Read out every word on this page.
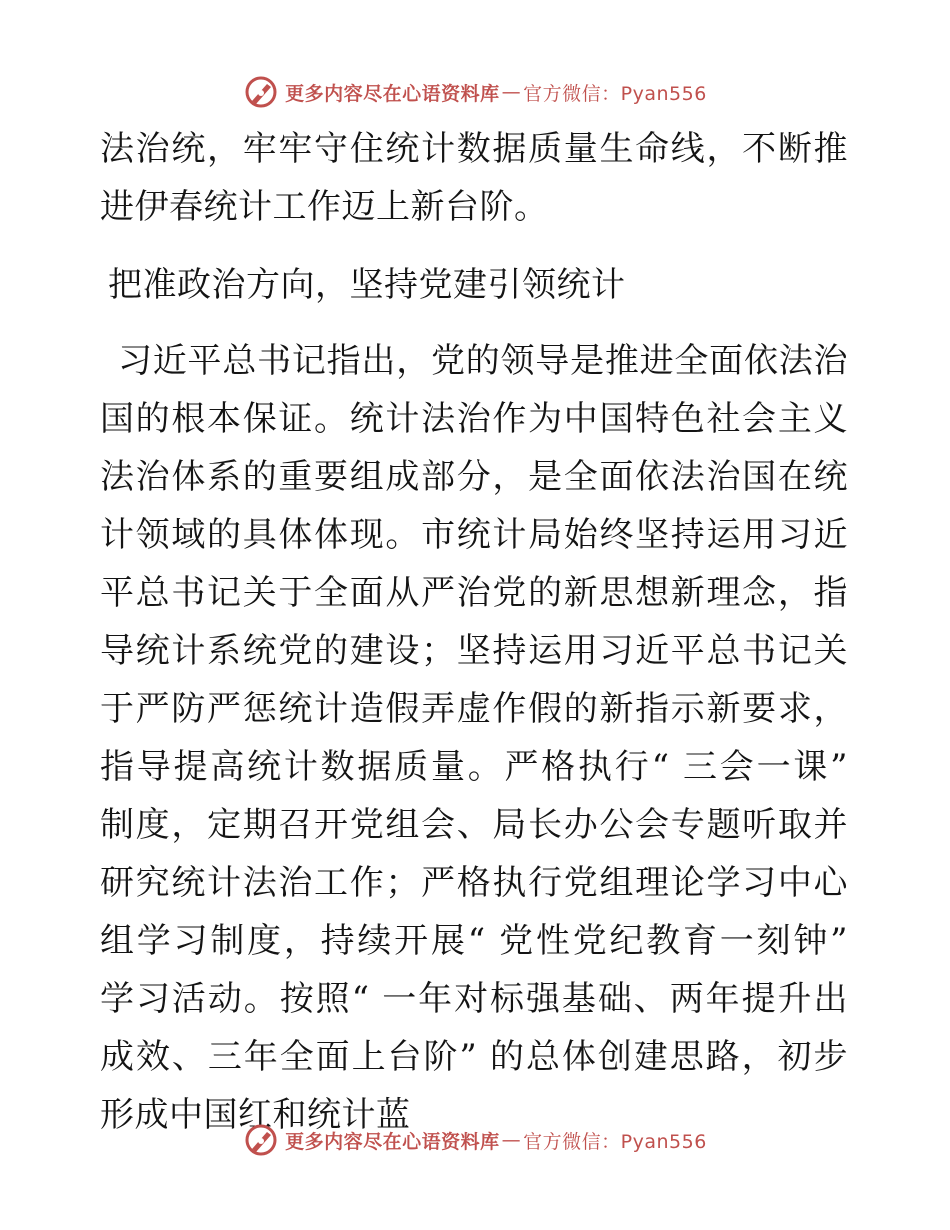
更多内容尽在心语资料库 — 官方微信：Pyan556

法治统，牢牢守住统计数据质量生命线，不断推进伊春统计工作迈上新台阶。

把准政治方向，坚持党建引领统计

习近平总书记指出，党的领导是推进全面依法治国的根本保证。统计法治作为中国特色社会主义法治体系的重要组成部分，是全面依法治国在统计领域的具体体现。市统计局始终坚持运用习近平总书记关于全面从严治党的新思想新理念，指导统计系统党的建设；坚持运用习近平总书记关于严防严惩统计造假弄虚作假的新指示新要求，指导提高统计数据质量。严格执行“ 三会一课” 制度，定期召开党组会、局长办公会专题听取并研究统计法治工作；严格执行党组理论学习中心组学习制度，持续开展“ 党性党纪教育一刻钟” 学习活动。按照“ 一年对标强基础、两年提升出成效、三年全面上台阶” 的总体创建思路，初步形成中国红和统计蓝

更多内容尽在心语资料库 — 官方微信：Pyan556
